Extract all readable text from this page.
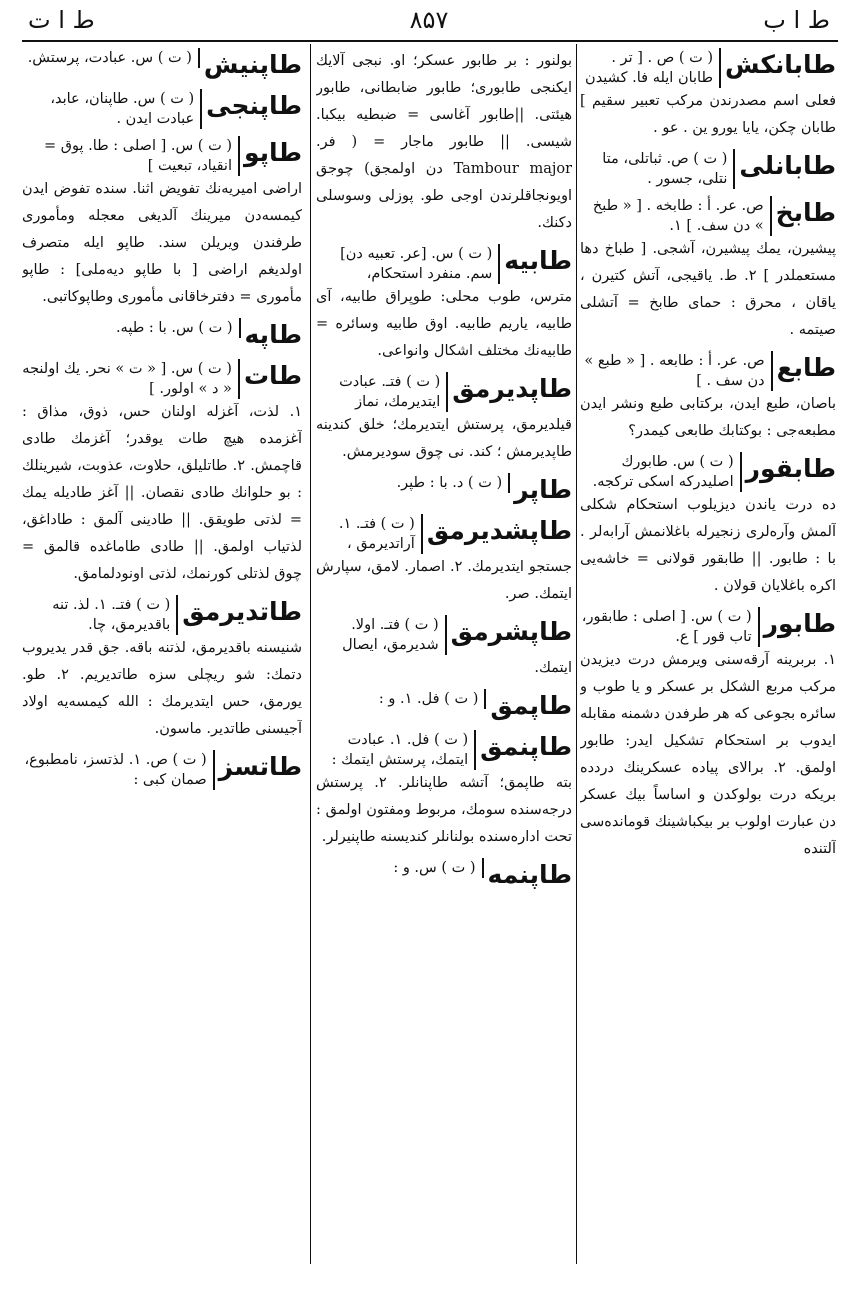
ط ا ت	۸۵۷	ط ا ب
طابانکش
( ت ) ص . [ تر . طابان ایله فا. کشیدن
فعلی اسم مصدرندن مرکب تعبیر سقیم ] طابان چکن، یایا یورو ین . عو .
طابانلی
( ت ) ص. ثباتلی، متا نتلی، جسور .
طابخ
ص. عر. أ : طابخه . [ « طبخ » دن سف. ] ۱.
پیشیرن، یمك پیشیرن، آشجی. [ طباخ دها مستعملدر ] ۲. ط. یاقیجی، آتش کتیرن ، یاقان ، محرق : حمای طابخ = آتشلی صیتمه .
طابع
ص. عر. أ : طابعه . [ « طبع » دن سف . ]
باصان، طبع ایدن، برکتابی طبع ونشر ایدن مطبعه‌جی : بوکتابك طابعی کیمدر؟
طابقور
( ت ) س. طابورك اصلیدرکه اسکی ترکجه.
ده درت یاندن دیزیلوب استحکام شکلی آلمش وآره‌لری زنجیرله باغلانمش آرابه‌لر . با : طابور. || طابقور قولانی = خاشه‌یی اکره باغلایان قولان .
طابور
( ت ) س. [ اصلی : طابقور، تاب قور ] ع.
۱. بربرینه آرقه‌سنی ویرمش درت دیزیدن مرکب مربع الشکل بر عسکر و یا طوب و سائره بجوعی که هر طرفدن دشمنه مقابله ایدوب بر استحکام تشکیل ایدر: طابور اولمق. ۲. برالای پیاده عسکرینك دردده بریکه درت بولوکدن و اساساً بیك عسکر دن عبارت اولوب بر بیکباشینك قومانده‌سی آلتنده
بولنور : بر طابور عسکر؛ او. نبجی آلایك ایکنجی طابوری؛ طابور ضابطانی، طابور هیئتی. ||طابور آغاسی = ضبطیه بیکبا. شیسی. || طابور ماجار = ( فر. Tambour major دن اولمجق) چوجق اویونجاقلرندن اوجی طو. پوزلی وسوسلی دکنك.
طابیه
( ت ) س. [عر. تعبیه دن] سم. منفرد استحکام،
مترس، طوب محلی: طوپراق طابیه، آی طابیه، یاریم طابیه. اوق طابیه وسائره = طابیه‌نك مختلف اشکال وانواعی.
طاپدیرمق
( ت ) فتـ. عبادت ایتدیرمك، نماز
قیلدیرمق، پرستش ایتدیرمك؛ خلق کندینه طاپدیرمش ؛ کند. نی چوق سودیرمش.
طاپر
( ت ) د. با : طپر.
طاپشدیرمق
( ت ) فتـ. ۱. آراتدیرمق ،
جستجو ایتدیرمك. ۲. اصمار. لامق، سپارش ایتمك. صر.
طاپشرمق
( ت ) فتـ. اولا. شدیرمق، ایصال
ایتمك.
طاپمق
( ت ) فل. ۱. و :
طاپنمق
( ت ) فل. ۱. عبادت ایتمك، پرستش ایتمك :
بته طاپمق؛ آتشه طاپنانلر. ۲. پرستش درجه‌سنده سومك، مربوط ومفتون اولمق : تحت اداره‌سنده بولنانلر کندیسنه طاپنیرلر.
طاپنمه
( ت ) س. و :
طاپنیش
( ت ) س. عبادت، پرستش.
طاپنجی
( ت ) س. طاپنان، عابد، عبادت ایدن .
طاپو
( ت ) س. [ اصلی : طا. پوق = انقیاد، تبعیت ]
اراضی امیریه‌نك تفویض اثنا. سنده تفوض ایدن کیمسه‌دن میرینك آلدیغی معجله ومأموری طرفندن ویریلن سند. طاپو ایله متصرف اولدیغم اراضی [ با طاپو دیه‌ملی] : طاپو مأموری = دفترخاقانی مأموری وطاپوکاتبی.
طاپه
( ت ) س. با : طپه.
طات
( ت ) س. [ « ت » نحر. یك اولنجه « د » اولور. ]
۱. لذت، آغزله اولنان حس، ذوق، مذاق : آغزمده هیچ طات یوقدر؛ آغزمك طادی قاچمش. ۲. طاتلیلق، حلاوت، عذوبت، شیرینلك : بو حلوانك طادی نقصان. || آغز طادیله یمك = لذتی طویقق. || طادینی آلمق : طاداغق، لذتیاب اولمق. || طادی طاماغده قالمق = چوق لذتلی کورنمك، لذتی اونودلمامق.
طاتدیرمق
( ت ) فتـ. ۱. لذ. تنه باقدیرمق، چا.
شنیسنه باقدیرمق، لذتنه باقه. جق قدر یدیروب دتمك: شو ریچلی سزه طاتدیریم. ۲. طو. یورمق، حس ایتدیرمك : الله کیمسه‌یه اولاد آجیسنی طاتدیر. ماسون.
طاتسز
( ت ) ص. ۱. لذتسز، نامطبوع، صمان کبی :
